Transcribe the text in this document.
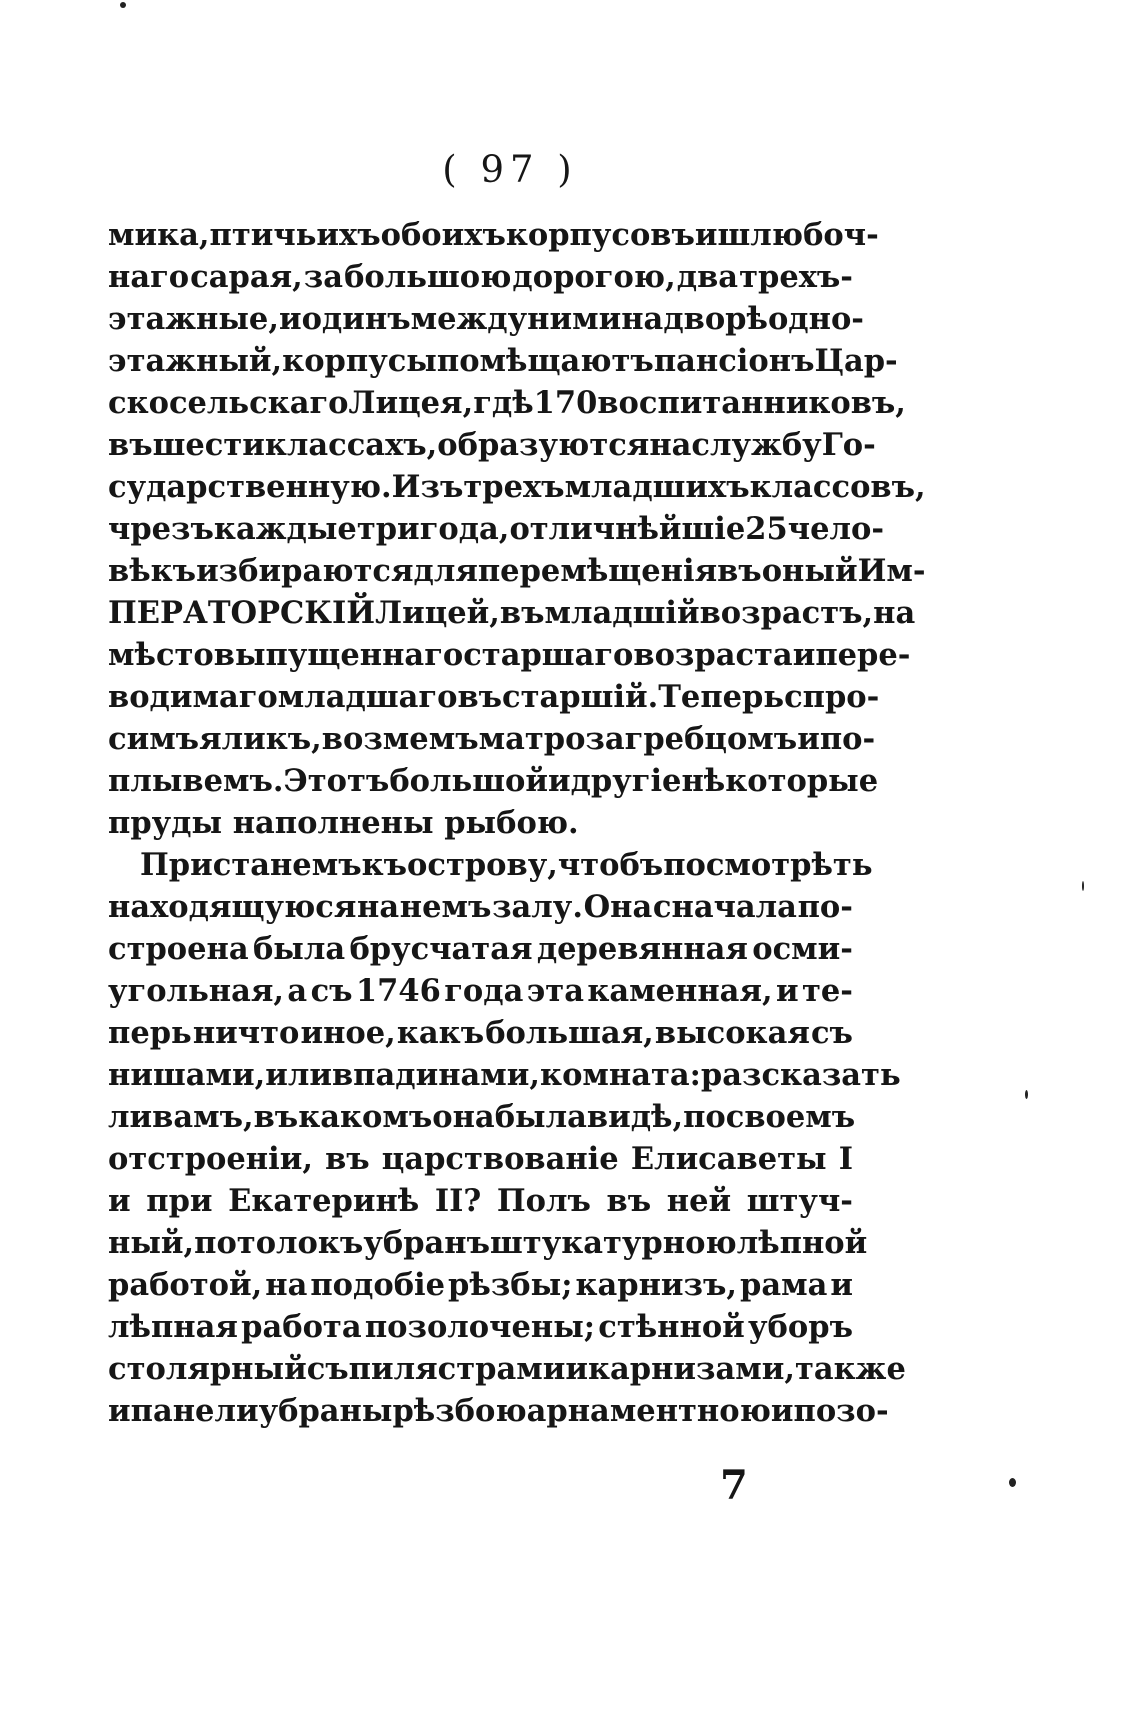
( 97 )
мика, птичьихъ обоихъ корпусовъ и шлюбоч-
наго сарая, за большою дорогою, два трехъ-
этажные, и одинъ между ними на дворѣ одно-
этажный, корпусы помѣщаютъ пансіонъ Цар-
скосельскаго Лицея, гдѣ 170 воспитанниковъ,
въ шести классахъ, образуются на службу Го-
сударственную. Изъ трехъ младшихъ классовъ,
чрезъ каждые три года, отличнѣйшіе 25 чело-
вѣкъ избираются для перемѣщенія въ оный Им-
ПЕРАТОРСКІЙ Лицей, въ младшій возрастъ, на
мѣсто выпущеннаго старшаго возраста и пере-
водимаго младшаго въ старшій. Теперь спро-
симъ яликъ, возмемъ матроза гребцомъ и по-
плывемъ. Этотъ большой и другіе нѣкоторые
пруды наполнены рыбою.
Пристанемъ къ острову, чтобъ посмотрѣть
находящуюся на немъ залу. Она сначала по-
строена была брусчатая деревянная осми-
угольная, а съ 1746 года эта каменная, и те-
перь ничто иное, какъ большая, высокая съ
нишами, или впадинами, комната: разсказать
ли вамъ, въ какомъ она была видѣ, по своемъ
отстроеніи, въ царствованіе Елисаветы I
и при Екатеринѣ II? Полъ въ ней штуч-
ный, потолокъ убранъ штукатурною лѣпной
работой, на подобіе рѣзбы; карнизъ, рама и
лѣпная работа позолочены; стѣнной уборъ
столярный съ пилястрами и карнизами, также
и панели убраны рѣзбою арнаментною и позо-
7
